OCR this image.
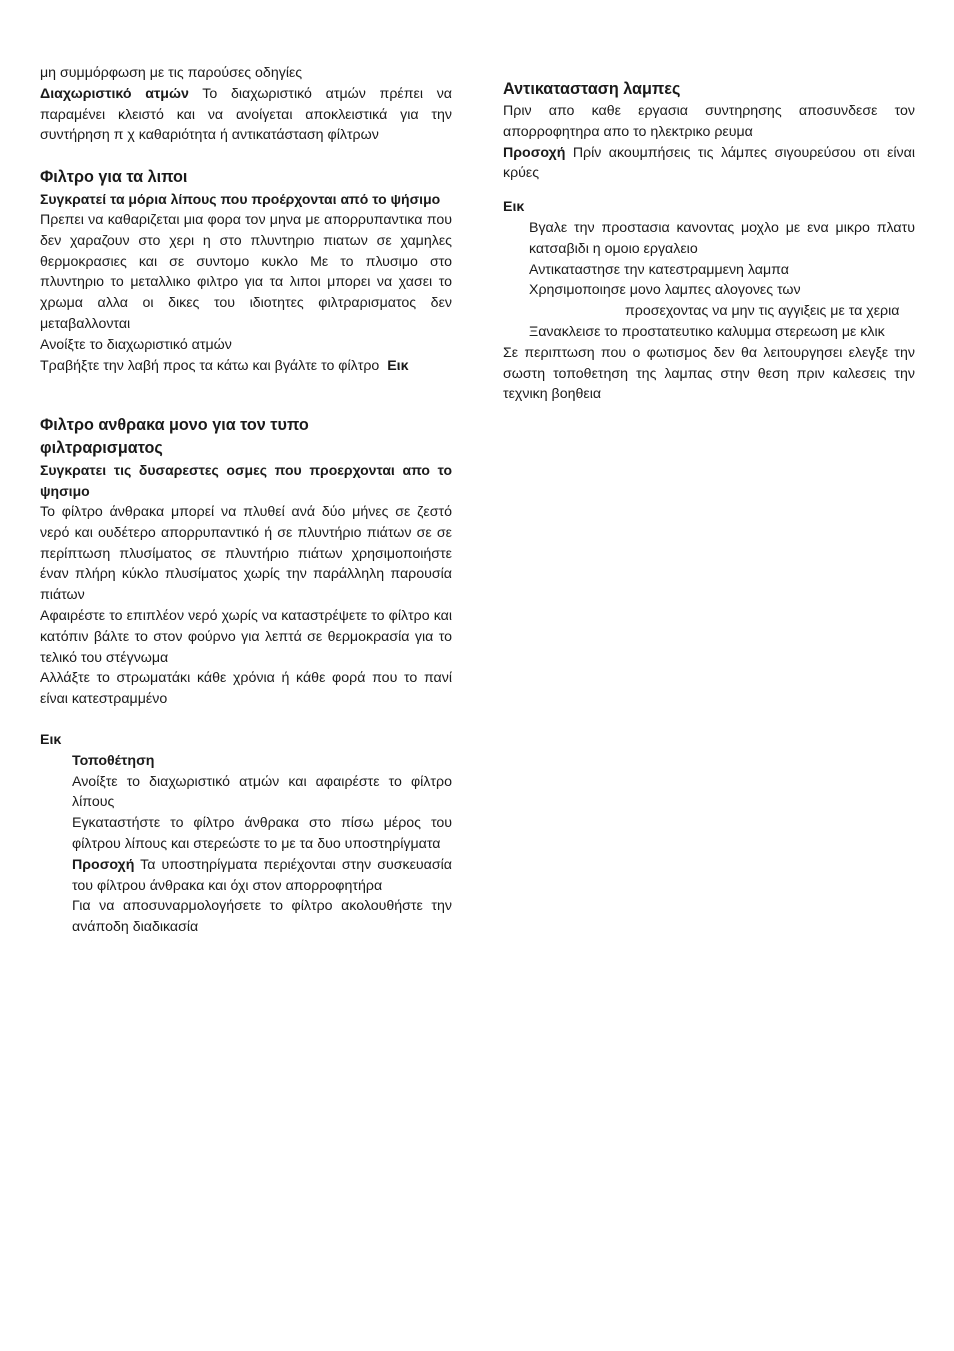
μη συμμόρφωση με τις παρούσες οδηγίες

Διαχωριστικό ατμών Το διαχωριστικό ατμών πρέπει να παραμένει κλειστό και να ανοίγεται αποκλειστικά για την συντήρηση π χ καθαριότητα ή αντικατάσταση φίλτρων

Φιλτρο για τα λιποι

Συγκρατεί τα μόρια λίπους που προέρχονται από το ψήσιμο

Πρεπει να καθαριζεται μια φορα τον μηνα με απορρυπαντικα που δεν χαραζουν στο χερι η στο πλυντηριο πιατων σε χαμηλες θερμοκρασιες και σε συντομο κυκλο Με το πλυσιμο στο πλυντηριο το μεταλλικο φιλτρο για τα λιποι μπορει να χασει το χρωμα αλλα οι δικες του ιδιοτητες φιλτραρισματος δεν μεταβαλλονται

Ανοίξτε το διαχωριστικό ατμών

Τραβήξτε την λαβή προς τα κάτω και βγάλτε το φίλτρο Εικ

Φιλτρο ανθρακα μονο για τον τυπο
φιλτραρισματος

Συγκρατει τις δυσαρεστες οσμες που προερχονται απο το ψησιμο

Το φίλτρο άνθρακα μπορεί να πλυθεί ανά δύο μήνες σε ζεστό νερό και ουδέτερο απορρυπαντικό ή σε πλυντήριο πιάτων σε σε περίπτωση πλυσίματος σε πλυντήριο πιάτων χρησιμοποιήστε έναν πλήρη κύκλο πλυσίματος χωρίς την παράλληλη παρουσία πιάτων

Αφαιρέστε το επιπλέον νερό χωρίς να καταστρέψετε το φίλτρο και κατόπιν βάλτε το στον φούρνο για λεπτά σε θερμοκρασία για το τελικό του στέγνωμα

Αλλάξτε το στρωματάκι κάθε χρόνια ή κάθε φορά που το πανί είναι κατεστραμμένο

Εικ

Τοποθέτηση

Ανοίξτε το διαχωριστικό ατμών και αφαιρέστε το φίλτρο λίπους

Εγκαταστήστε το φίλτρο άνθρακα στο πίσω μέρος του φίλτρου λίπους και στερεώστε το με τα δυο υποστηρίγματα

Προσοχή Τα υποστηρίγματα περιέχονται στην συσκευασία του φίλτρου άνθρακα και όχι στον απορροφητήρα

Για να αποσυναρμολογήσετε το φίλτρο ακολουθήστε την ανάποδη διαδικασία

Αντικατασταση λαμπες

Πριν απο καθε εργασια συντηρησης αποσυνδεσε τον απορροφητηρα απο το ηλεκτρικο ρευμα

Προσοχή Πρίν ακουμπήσεις τις λάμπες σιγουρεύσου οτι είναι κρύες

Εικ

Βγαλε την προστασια κανοντας μοχλο με ενα μικρο πλατυ κατσαβιδι η ομοιο εργαλειο

Αντικαταστησε την κατεστραμμενη λαμπα

Χρησιμοποιησε μονο λαμπες αλογονες των

προσεχοντας να μην τις αγγιξεις με τα χερια

Ξανακλεισε το προστατευτικο καλυμμα στερεωση με κλικ

Σε περιπτωση που ο φωτισμος δεν θα λειτουργησει ελεγξε την σωστη τοποθετηση της λαμπας στην θεση πριν καλεσεις την τεχνικη βοηθεια
